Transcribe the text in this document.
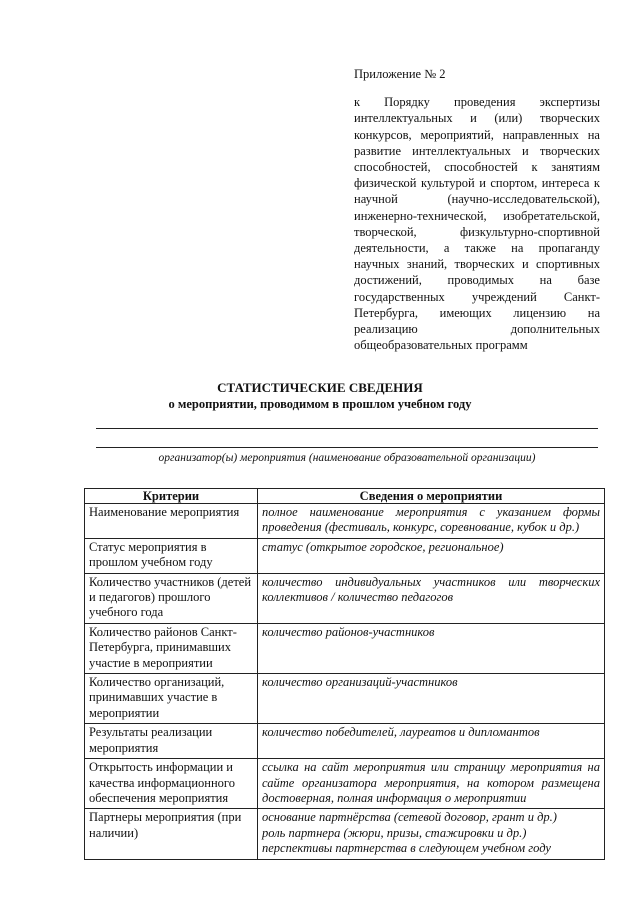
Приложение № 2
к Порядку проведения экспертизы интеллектуальных и (или) творческих конкурсов, мероприятий, направленных на развитие интеллектуальных и творческих способностей, способностей к занятиям физической культурой и спортом, интереса к научной (научно-исследовательской), инженерно-технической, изобретательской, творческой, физкультурно-спортивной деятельности, а также на пропаганду научных знаний, творческих и спортивных достижений, проводимых на базе государственных учреждений Санкт-Петербурга, имеющих лицензию на реализацию дополнительных общеобразовательных программ
СТАТИСТИЧЕСКИЕ СВЕДЕНИЯ
о мероприятии, проводимом в прошлом учебном году
организатор(ы) мероприятия (наименование образовательной организации)
Критерии	Сведения о мероприятии
Наименование мероприятия	полное наименование мероприятия с указанием формы проведения (фестиваль, конкурс, соревнование, кубок и др.)
Статус мероприятия в прошлом учебном году	статус (открытое городское, региональное)
Количество участников (детей и педагогов) прошлого учебного года	количество индивидуальных участников или творческих коллективов / количество педагогов
Количество районов Санкт-Петербурга, принимавших участие в мероприятии	количество районов-участников
Количество организаций, принимавших участие в мероприятии	количество организаций-участников
Результаты реализации мероприятия	количество победителей, лауреатов и дипломантов
Открытость информации и качества информационного обеспечения мероприятия	ссылка на сайт мероприятия или страницу мероприятия на сайте организатора мероприятия, на котором размещена достоверная, полная информация о мероприятии
Партнеры мероприятия (при наличии)	основание партнёрства (сетевой договор, грант и др.)
роль партнера (жюри, призы, стажировки и др.)
перспективы партнерства в следующем учебном году
